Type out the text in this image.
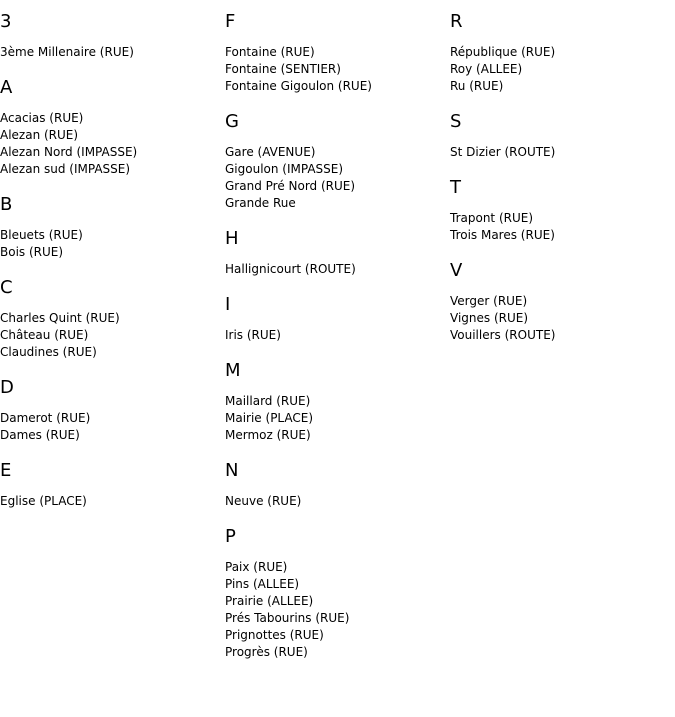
3
3ème Millenaire (RUE)
A
Acacias (RUE)
Alezan (RUE)
Alezan Nord (IMPASSE)
Alezan sud (IMPASSE)
B
Bleuets (RUE)
Bois (RUE)
C
Charles Quint (RUE)
Château (RUE)
Claudines (RUE)
D
Damerot (RUE)
Dames (RUE)
E
Eglise (PLACE)
F
Fontaine (RUE)
Fontaine (SENTIER)
Fontaine Gigoulon (RUE)
G
Gare (AVENUE)
Gigoulon (IMPASSE)
Grand Pré Nord (RUE)
Grande Rue
H
Hallignicourt (ROUTE)
I
Iris (RUE)
M
Maillard (RUE)
Mairie (PLACE)
Mermoz (RUE)
N
Neuve (RUE)
P
Paix (RUE)
Pins (ALLEE)
Prairie (ALLEE)
Prés Tabourins (RUE)
Prignottes (RUE)
Progrès (RUE)
R
République (RUE)
Roy (ALLEE)
Ru (RUE)
S
St Dizier (ROUTE)
T
Trapont (RUE)
Trois Mares (RUE)
V
Verger (RUE)
Vignes (RUE)
Vouillers (ROUTE)
